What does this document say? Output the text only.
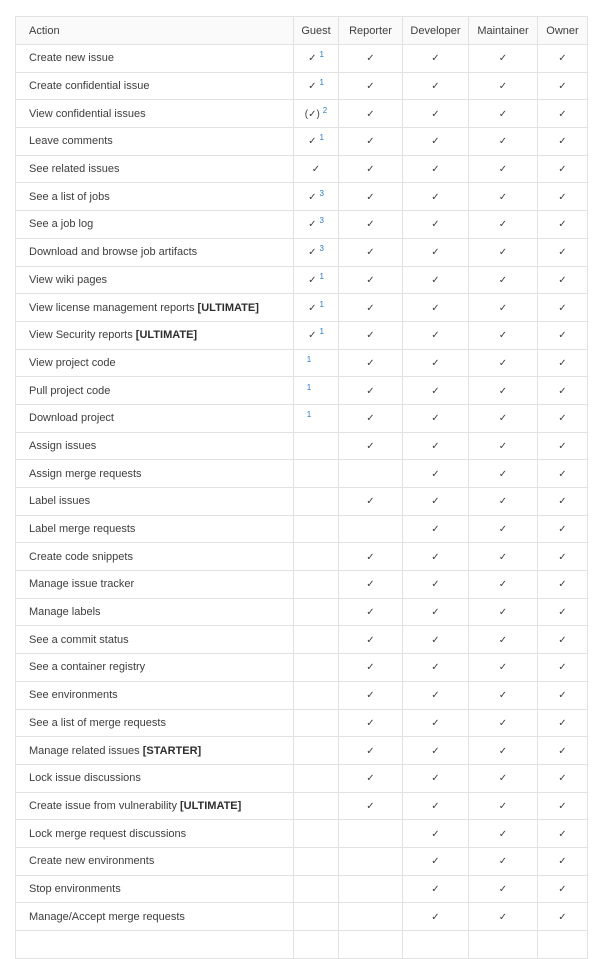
Action	Guest	Reporter	Developer	Maintainer	Owner
Create new issue	✓ $^1$	✓	✓	✓	✓
Create confidential issue	✓ $^1$	✓	✓	✓	✓
View confidential issues	(✓) $^2$	✓	✓	✓	✓
Leave comments	✓ $^1$	✓	✓	✓	✓
See related issues	✓	✓	✓	✓	✓
See a list of jobs	✓ $^3$	✓	✓	✓	✓
See a job log	✓ $^3$	✓	✓	✓	✓
Download and browse job artifacts	✓ $^3$	✓	✓	✓	✓
View wiki pages	✓ $^1$	✓	✓	✓	✓
View license management reports [ULTIMATE]	✓ $^1$	✓	✓	✓	✓
View Security reports [ULTIMATE]	✓ $^1$	✓	✓	✓	✓
View project code	$^1$	✓	✓	✓	✓
Pull project code	$^1$	✓	✓	✓	✓
Download project	$^1$	✓	✓	✓	✓
Assign issues		✓	✓	✓	✓
Assign merge requests			✓	✓	✓
Label issues		✓	✓	✓	✓
Label merge requests			✓	✓	✓
Create code snippets		✓	✓	✓	✓
Manage issue tracker		✓	✓	✓	✓
Manage labels		✓	✓	✓	✓
See a commit status		✓	✓	✓	✓
See a container registry		✓	✓	✓	✓
See environments		✓	✓	✓	✓
See a list of merge requests		✓	✓	✓	✓
Manage related issues [STARTER]		✓	✓	✓	✓
Lock issue discussions		✓	✓	✓	✓
Create issue from vulnerability [ULTIMATE]		✓	✓	✓	✓
Lock merge request discussions			✓	✓	✓
Create new environments			✓	✓	✓
Stop environments			✓	✓	✓
Manage/Accept merge requests			✓	✓	✓
